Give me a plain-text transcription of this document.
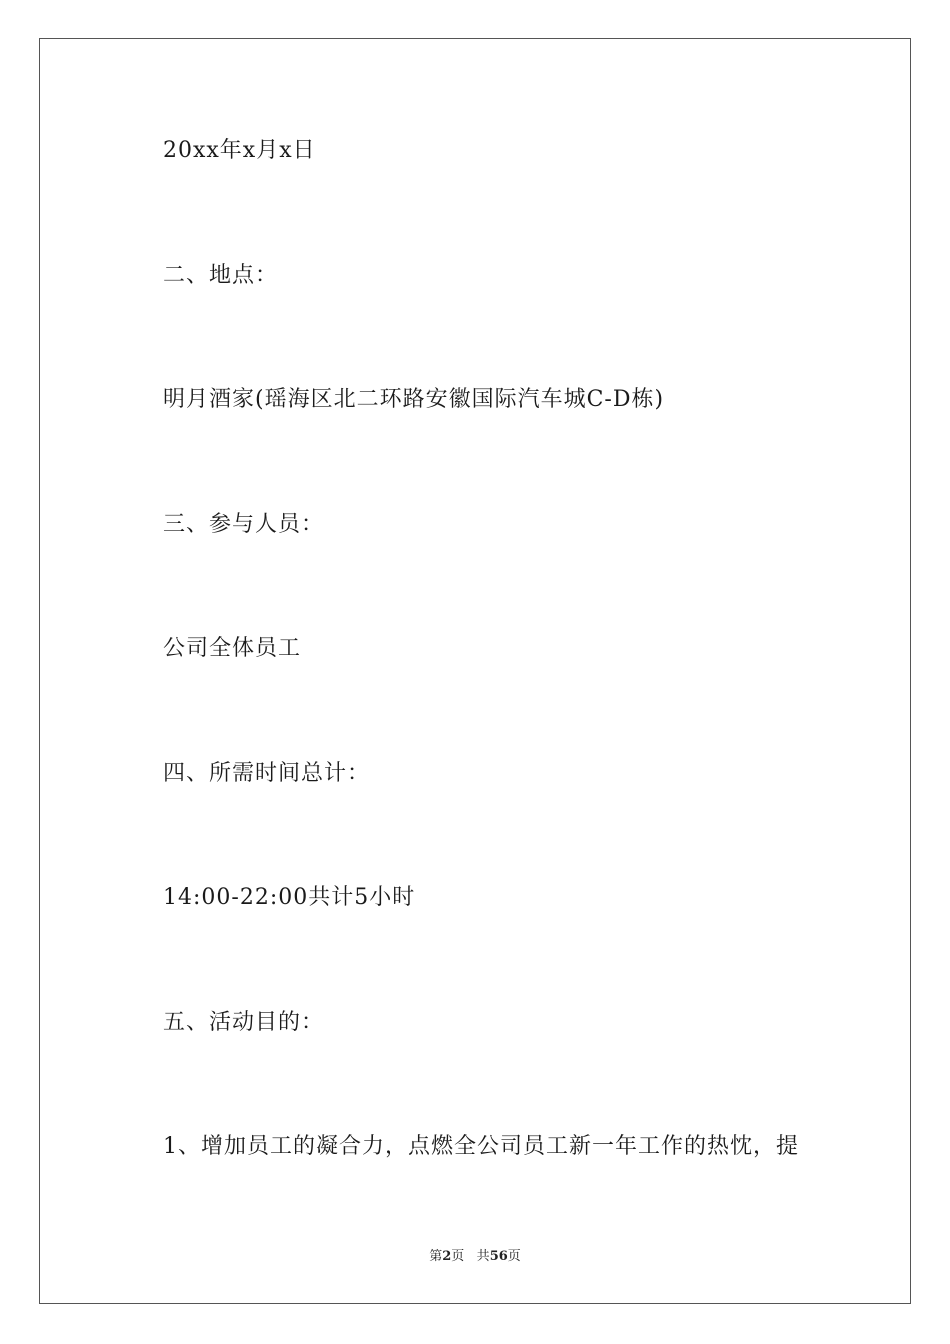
20xx年x月x日
二、地点：
明月酒家(瑶海区北二环路安徽国际汽车城C-D栋)
三、参与人员：
公司全体员工
四、所需时间总计：
14:00-22:00共计5小时
五、活动目的：
1、增加员工的凝合力，点燃全公司员工新一年工作的热忱，提
第2页 共56页
